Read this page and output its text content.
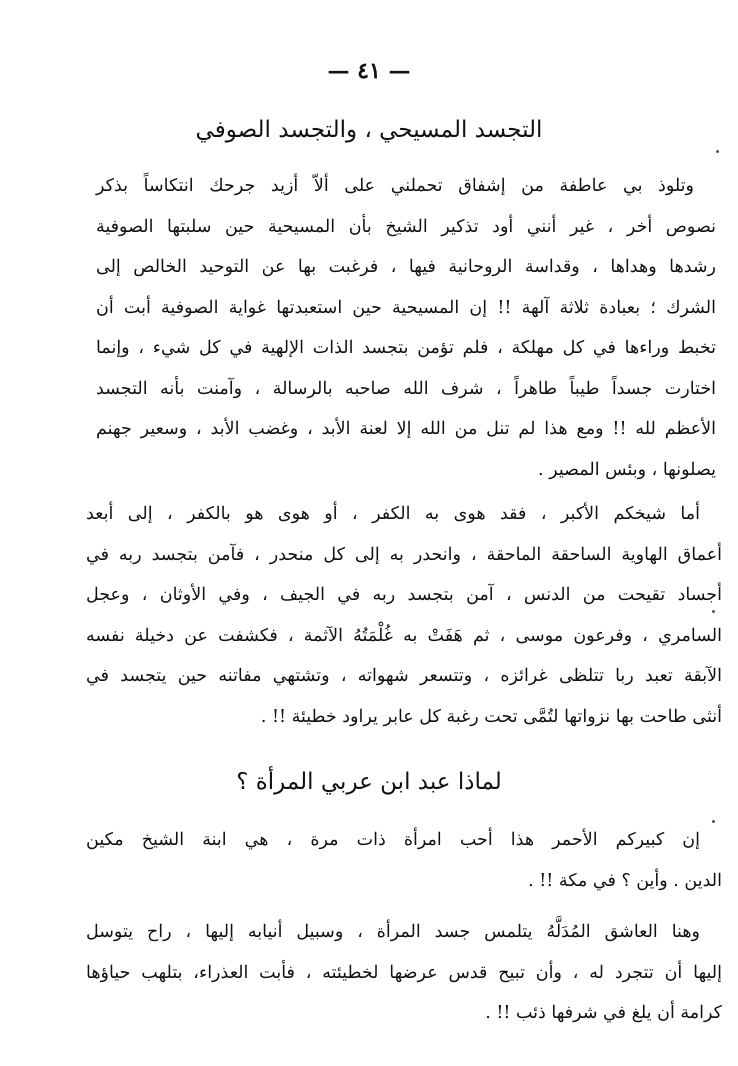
— ٤١ —
التجسد المسيحي ، والتجسد الصوفي
وتلوذ بي عاطفة من إشفاق تحملني على ألاّ أزيد جرحك انتكاساً بذكر
نصوص أخر ، غير أنني أود تذكير الشيخ بأن المسيحية حين سلبتها الصوفية
رشدها وهداها ، وقداسة الروحانية فيها ، فرغبت بها عن التوحيد الخالص إلى
الشرك ؛ بعبادة ثلاثة آلهة !! إن المسيحية حين استعبدتها غواية الصوفية أبت أن
تخبط وراءها في كل مهلكة ، فلم تؤمن بتجسد الذات الإلهية في كل شيء ، وإنما
اختارت جسداً طيباً طاهراً ، شرف الله صاحبه بالرسالة ، وآمنت بأنه التجسد
الأعظم لله !! ومع هذا لم تنل من الله إلا لعنة الأبد ، وغضب الأبد ، وسعير جهنم
يصلونها ، وبئس المصير .
أما شيخكم الأكبر ، فقد هوى به الكفر ، أو هوى هو بالكفر ، إلى أبعد
أعماق الهاوية الساحقة الماحقة ، وانحدر به إلى كل منحدر ، فآمن بتجسد ربه في
أجساد تقيحت من الدنس ، آمن بتجسد ربه في الجيف ، وفي الأوثان ، وعجل
السامري ، وفرعون موسى ، ثم هَفَتْ به غُلْمَتُهُ الآثمة ، فكشفت عن دخيلة نفسه
الآبقة تعبد ربا تتلظى غرائزه ، وتتسعر شهواته ، وتشتهي مفاتنه حين يتجسد في
أنثى طاحت بها نزواتها لتُمَّى تحت رغبة كل عابر يراود خطيئة !! .
لماذا عبد ابن عربي المرأة ؟
إن كبيركم الأحمر هذا أحب امرأة ذات مرة ، هي ابنة الشيخ مكين
الدين . وأين ؟ في مكة !! .
وهنا العاشق المُدَلَّهُ يتلمس جسد المرأة ، وسبيل أنيابه إليها ، راح يتوسل
إليها أن تتجرد له ، وأن تبيح قدس عرضها لخطيئته ، فأبت العذراء، بتلهب حياؤها
كرامة أن يلغ في شرفها ذئب !! .
